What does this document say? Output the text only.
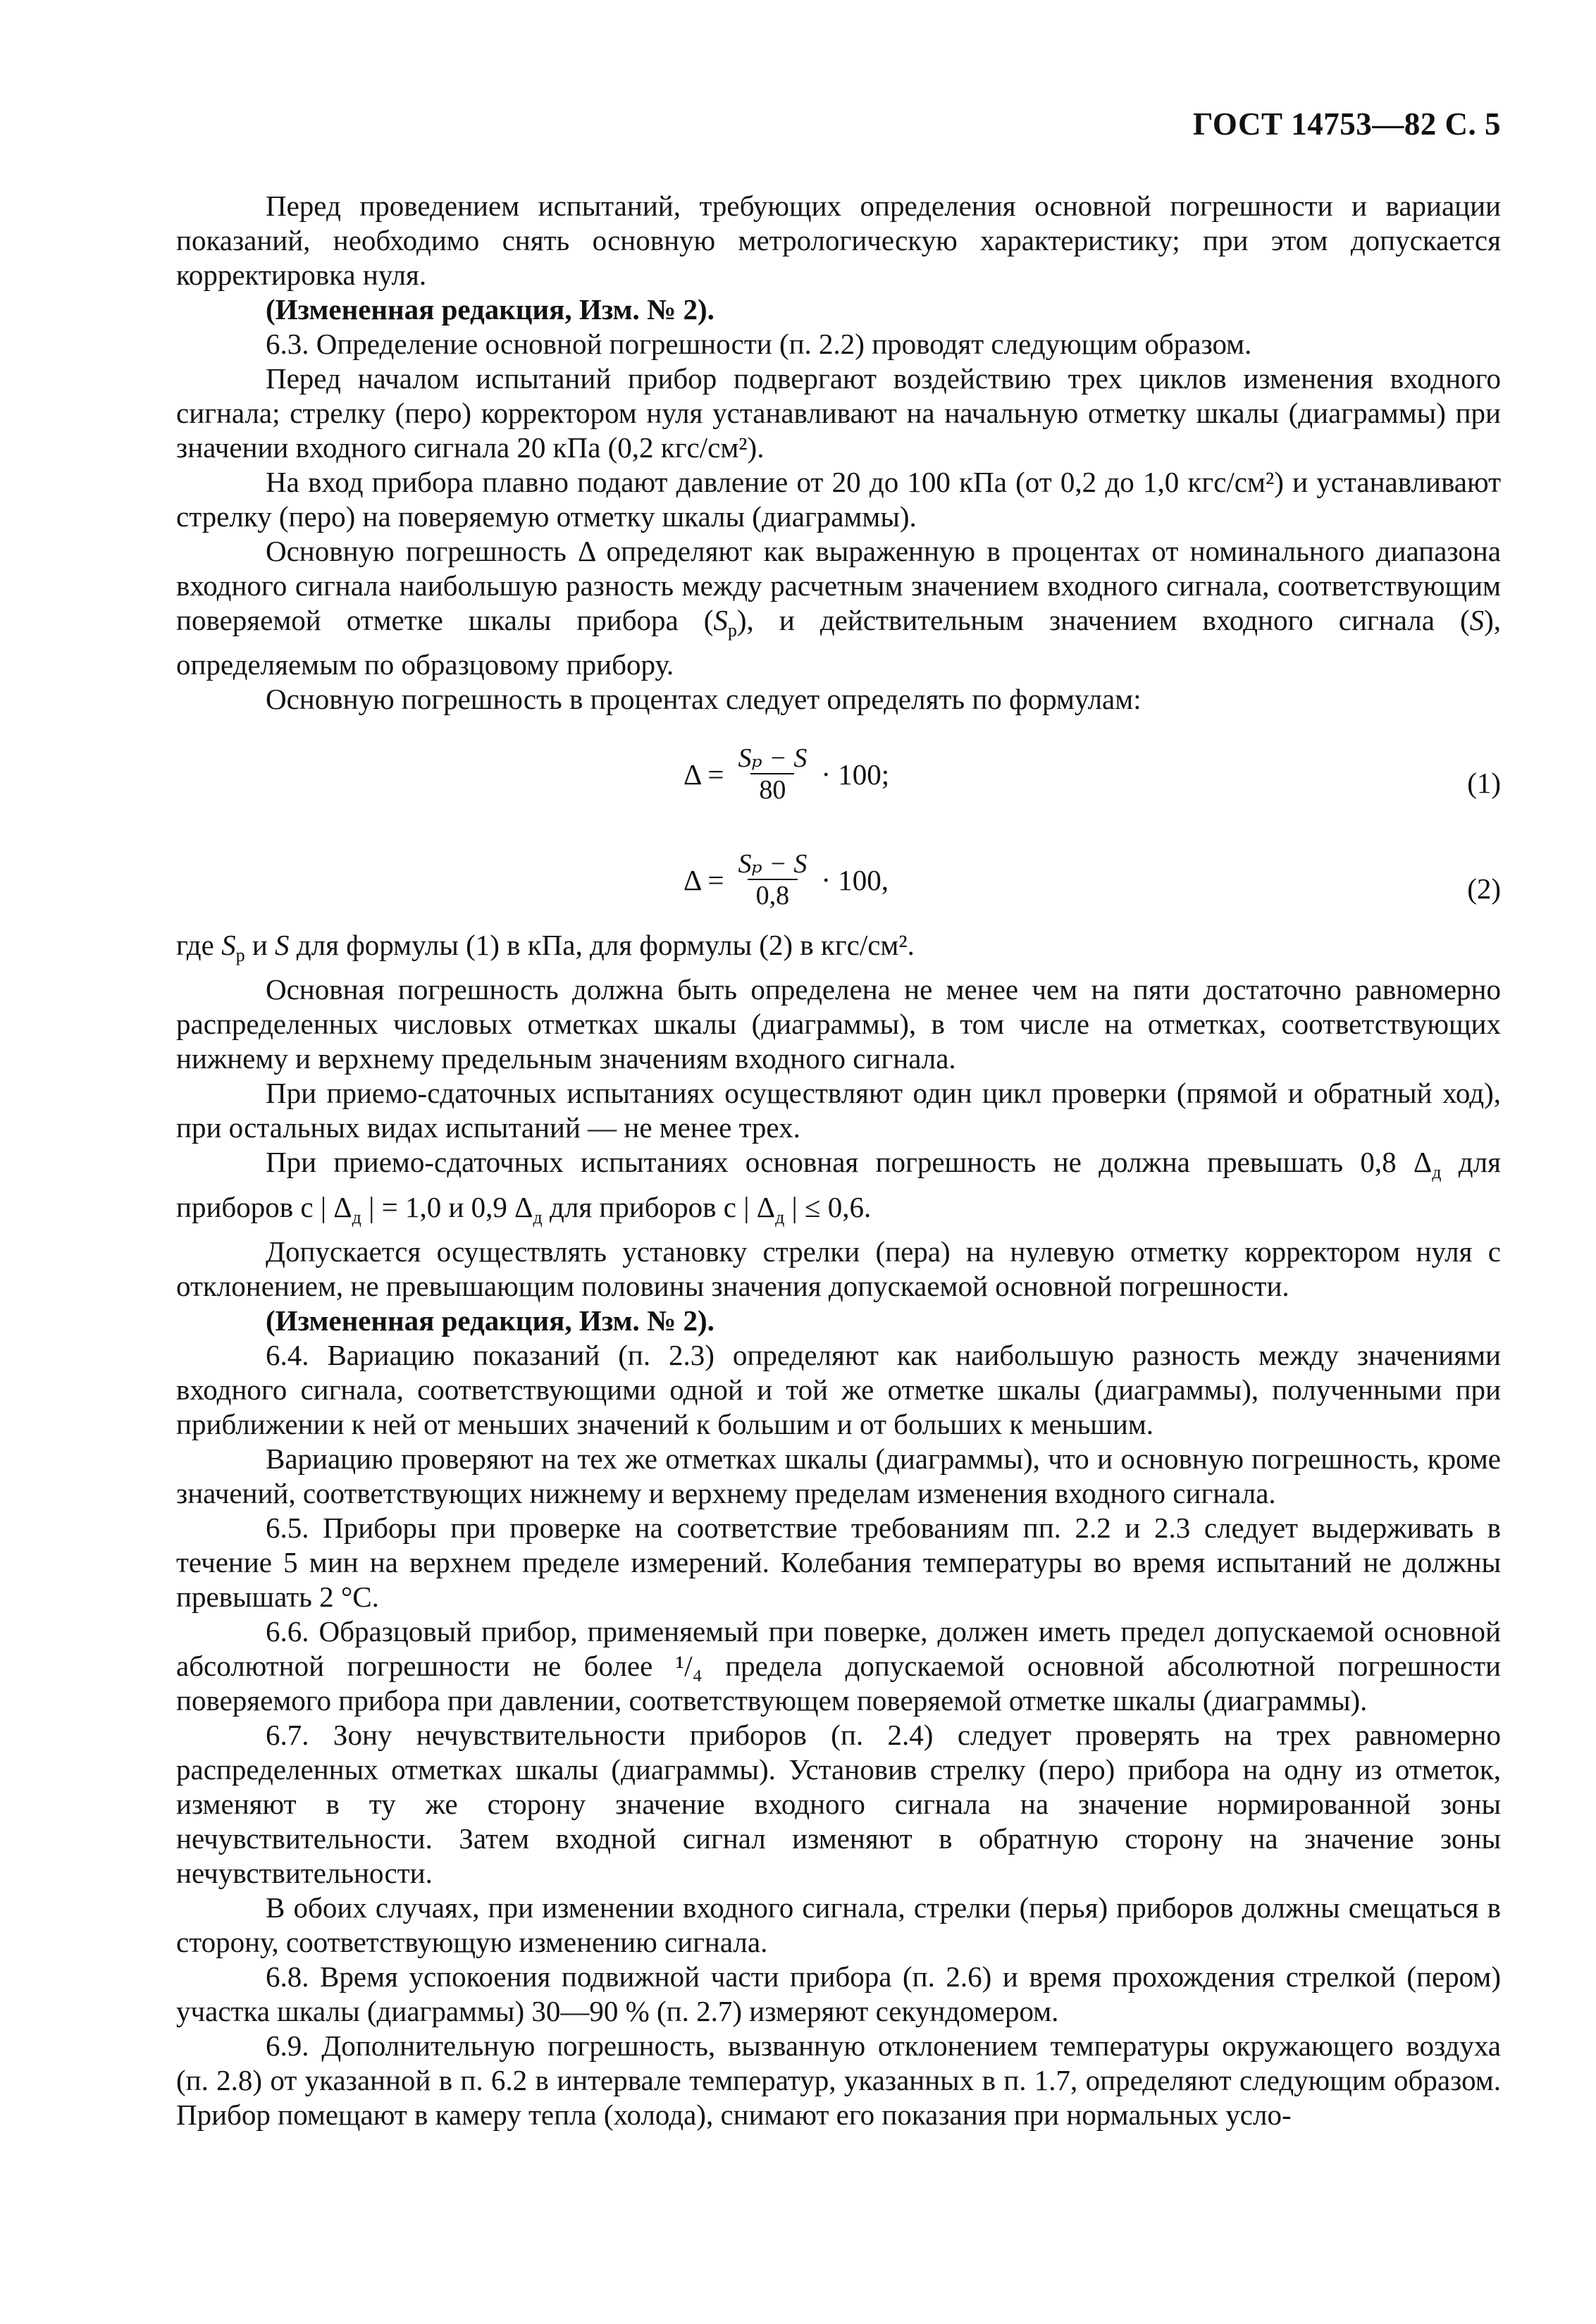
ГОСТ 14753—82 С. 5

Перед проведением испытаний, требующих определения основной погрешности и вариации показаний, необходимо снять основную метрологическую характеристику; при этом допускается корректировка нуля.

(Измененная редакция, Изм. № 2).

6.3. Определение основной погрешности (п. 2.2) проводят следующим образом.

Перед началом испытаний прибор подвергают воздействию трех циклов изменения входного сигнала; стрелку (перо) корректором нуля устанавливают на начальную отметку шкалы (диаграммы) при значении входного сигнала 20 кПа (0,2 кгс/см²).

На вход прибора плавно подают давление от 20 до 100 кПа (от 0,2 до 1,0 кгс/см²) и устанавливают стрелку (перо) на поверяемую отметку шкалы (диаграммы).

Основную погрешность Δ определяют как выраженную в процентах от номинального диапазона входного сигнала наибольшую разность между расчетным значением входного сигнала, соответствующим поверяемой отметке шкалы прибора $(S_р)$, и действительным значением входного сигнала (S), определяемым по образцовому прибору.

Основную погрешность в процентах следует определять по формулам:

$\Delta = \frac{\text{Sₚ − S}}{80} \cdot 100$;	(1)
$\Delta = \frac{\text{Sₚ − S}}{0,8} \cdot 100$,	(2)

где $S_р$ и S для формулы (1) в кПа, для формулы (2) в кгс/см².

Основная погрешность должна быть определена не менее чем на пяти достаточно равномерно распределенных числовых отметках шкалы (диаграммы), в том числе на отметках, соответствующих нижнему и верхнему предельным значениям входного сигнала.

При приемо-сдаточных испытаниях осуществляют один цикл проверки (прямой и обратный ход), при остальных видах испытаний — не менее трех.

При приемо-сдаточных испытаниях основная погрешность не должна превышать 0,8 $\Delta_д$ для приборов с | $\Delta_д$ | = 1,0 и 0,9 $\Delta_д$ для приборов с | $\Delta_д$ | ≤ 0,6.

Допускается осуществлять установку стрелки (пера) на нулевую отметку корректором нуля с отклонением, не превышающим половины значения допускаемой основной погрешности.

(Измененная редакция, Изм. № 2).

6.4. Вариацию показаний (п. 2.3) определяют как наибольшую разность между значениями входного сигнала, соответствующими одной и той же отметке шкалы (диаграммы), полученными при приближении к ней от меньших значений к большим и от больших к меньшим.

Вариацию проверяют на тех же отметках шкалы (диаграммы), что и основную погрешность, кроме значений, соответствующих нижнему и верхнему пределам изменения входного сигнала.

6.5. Приборы при проверке на соответствие требованиям пп. 2.2 и 2.3 следует выдерживать в течение 5 мин на верхнем пределе измерений. Колебания температуры во время испытаний не должны превышать 2 °С.

6.6. Образцовый прибор, применяемый при поверке, должен иметь предел допускаемой основной абсолютной погрешности не более ¹/₄ предела допускаемой основной абсолютной погрешности поверяемого прибора при давлении, соответствующем поверяемой отметке шкалы (диаграммы).

6.7. Зону нечувствительности приборов (п. 2.4) следует проверять на трех равномерно распределенных отметках шкалы (диаграммы). Установив стрелку (перо) прибора на одну из отметок, изменяют в ту же сторону значение входного сигнала на значение нормированной зоны нечувствительности. Затем входной сигнал изменяют в обратную сторону на значение зоны нечувствительности.

В обоих случаях, при изменении входного сигнала, стрелки (перья) приборов должны смещаться в сторону, соответствующую изменению сигнала.

6.8. Время успокоения подвижной части прибора (п. 2.6) и время прохождения стрелкой (пером) участка шкалы (диаграммы) 30—90 % (п. 2.7) измеряют секундомером.

6.9. Дополнительную погрешность, вызванную отклонением температуры окружающего воздуха (п. 2.8) от указанной в п. 6.2 в интервале температур, указанных в п. 1.7, определяют следующим образом. Прибор помещают в камеру тепла (холода), снимают его показания при нормальных усло-
